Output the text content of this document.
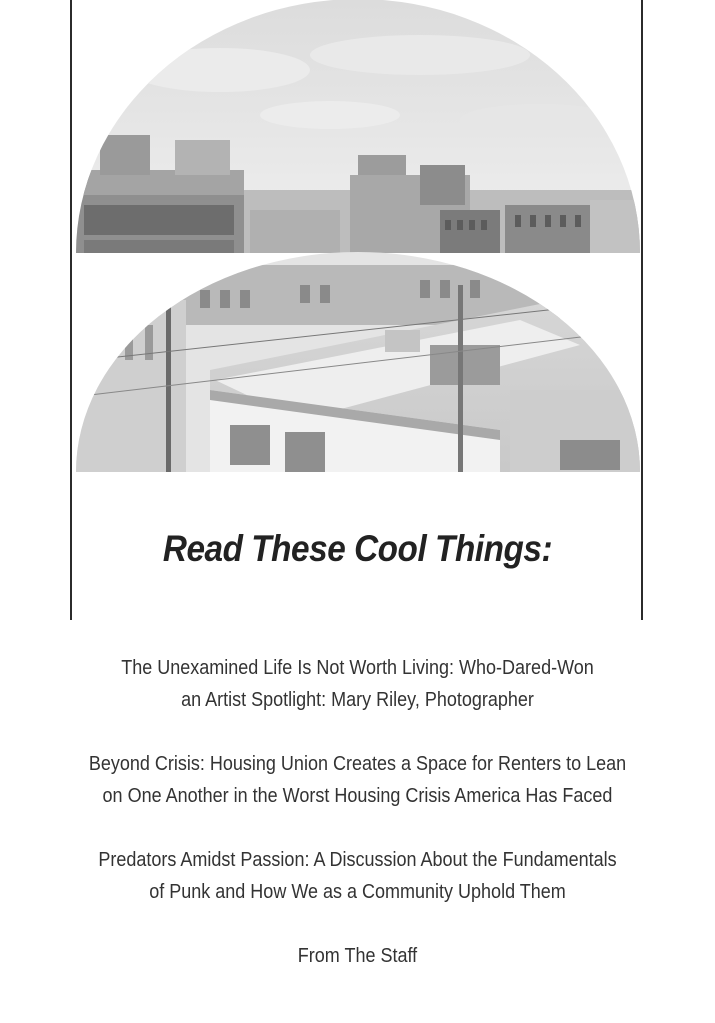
Read These Cool Things:
The Unexamined Life Is Not Worth Living: Who-Dared-Won
an Artist Spotlight: Mary Riley, Photographer
Beyond Crisis: Housing Union Creates a Space for Renters to Lean
on One Another in the Worst Housing Crisis America Has Faced
Predators Amidst Passion: A Discussion About the Fundamentals
of Punk and How We as a Community Uphold Them
From The Staff
